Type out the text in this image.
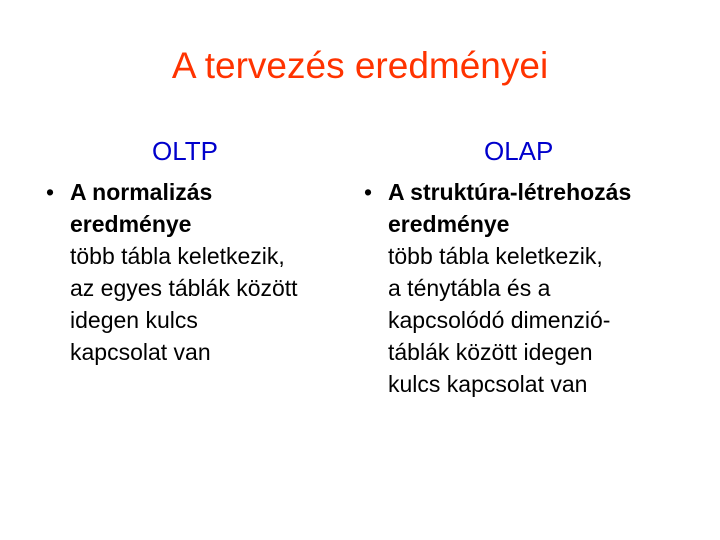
A tervezés eredményei
OLTP	OLAP
• A normalizás
eredménye
több tábla keletkezik,
az egyes táblák között
idegen kulcs
kapcsolat van
• A struktúra-létrehozás
eredménye
több tábla keletkezik,
a ténytábla és a
kapcsolódó dimenzió-
táblák között idegen
kulcs kapcsolat van
